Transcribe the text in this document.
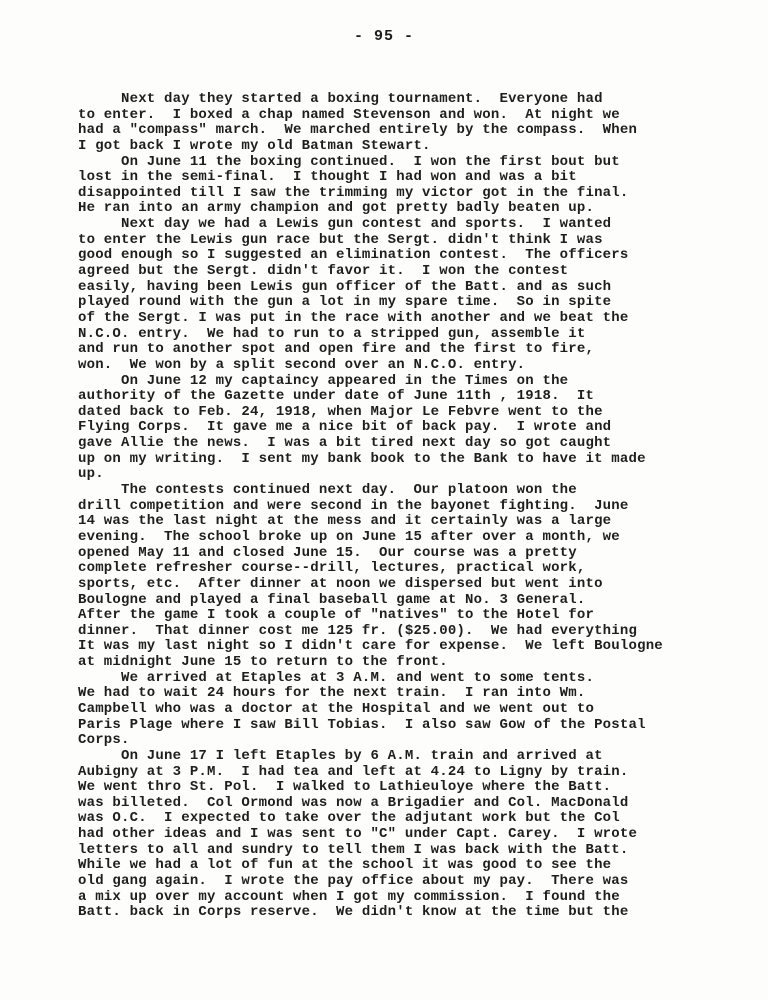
- 95 -
Next day they started a boxing tournament.  Everyone had
to enter.  I boxed a chap named Stevenson and won.  At night we
had a "compass" march.  We marched entirely by the compass.  When
I got back I wrote my old Batman Stewart.
On June 11 the boxing continued.  I won the first bout but
lost in the semi-final.  I thought I had won and was a bit
disappointed till I saw the trimming my victor got in the final.
He ran into an army champion and got pretty badly beaten up.
Next day we had a Lewis gun contest and sports.  I wanted
to enter the Lewis gun race but the Sergt. didn't think I was
good enough so I suggested an elimination contest.  The officers
agreed but the Sergt. didn't favor it.  I won the contest
easily, having been Lewis gun officer of the Batt. and as such
played round with the gun a lot in my spare time.  So in spite
of the Sergt. I was put in the race with another and we beat the
N.C.O. entry.  We had to run to a stripped gun, assemble it
and run to another spot and open fire and the first to fire,
won.  We won by a split second over an N.C.O. entry.
On June 12 my captaincy appeared in the Times on the
authority of the Gazette under date of June 11th , 1918.  It
dated back to Feb. 24, 1918, when Major Le Febvre went to the
Flying Corps.  It gave me a nice bit of back pay.  I wrote and
gave Allie the news.  I was a bit tired next day so got caught
up on my writing.  I sent my bank book to the Bank to have it made
up.
The contests continued next day.  Our platoon won the
drill competition and were second in the bayonet fighting.  June
14 was the last night at the mess and it certainly was a large
evening.  The school broke up on June 15 after over a month, we
opened May 11 and closed June 15.  Our course was a pretty
complete refresher course--drill, lectures, practical work,
sports, etc.  After dinner at noon we dispersed but went into
Boulogne and played a final baseball game at No. 3 General.
After the game I took a couple of "natives" to the Hotel for
dinner.  That dinner cost me 125 fr. ($25.00).  We had everything
It was my last night so I didn't care for expense.  We left Boulogne
at midnight June 15 to return to the front.
We arrived at Etaples at 3 A.M. and went to some tents.
We had to wait 24 hours for the next train.  I ran into Wm.
Campbell who was a doctor at the Hospital and we went out to
Paris Plage where I saw Bill Tobias.  I also saw Gow of the Postal
Corps.
On June 17 I left Etaples by 6 A.M. train and arrived at
Aubigny at 3 P.M.  I had tea and left at 4.24 to Ligny by train.
We went thro St. Pol.  I walked to Lathieuloye where the Batt.
was billeted.  Col Ormond was now a Brigadier and Col. MacDonald
was O.C.  I expected to take over the adjutant work but the Col
had other ideas and I was sent to "C" under Capt. Carey.  I wrote
letters to all and sundry to tell them I was back with the Batt.
While we had a lot of fun at the school it was good to see the
old gang again.  I wrote the pay office about my pay.  There was
a mix up over my account when I got my commission.  I found the
Batt. back in Corps reserve.  We didn't know at the time but the
